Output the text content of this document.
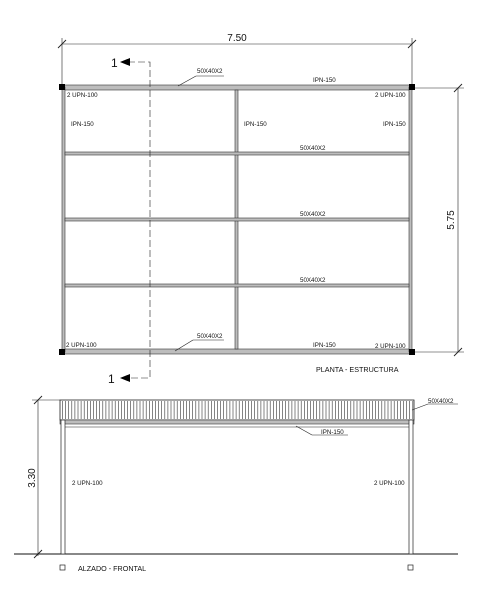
7.50
5.75
1
1
50X40X2
IPN-150
2 UPN-100	2 UPN-100
IPN-150	IPN-150	IPN-150
50X40X2
50X40X2
50X40X2
50X40X2
2 UPN-100	IPN-150	2 UPN-100
PLANTA - ESTRUCTURA
3.30
50X40X2
IPN-150
2 UPN-100	2 UPN-100
ALZADO - FRONTAL
